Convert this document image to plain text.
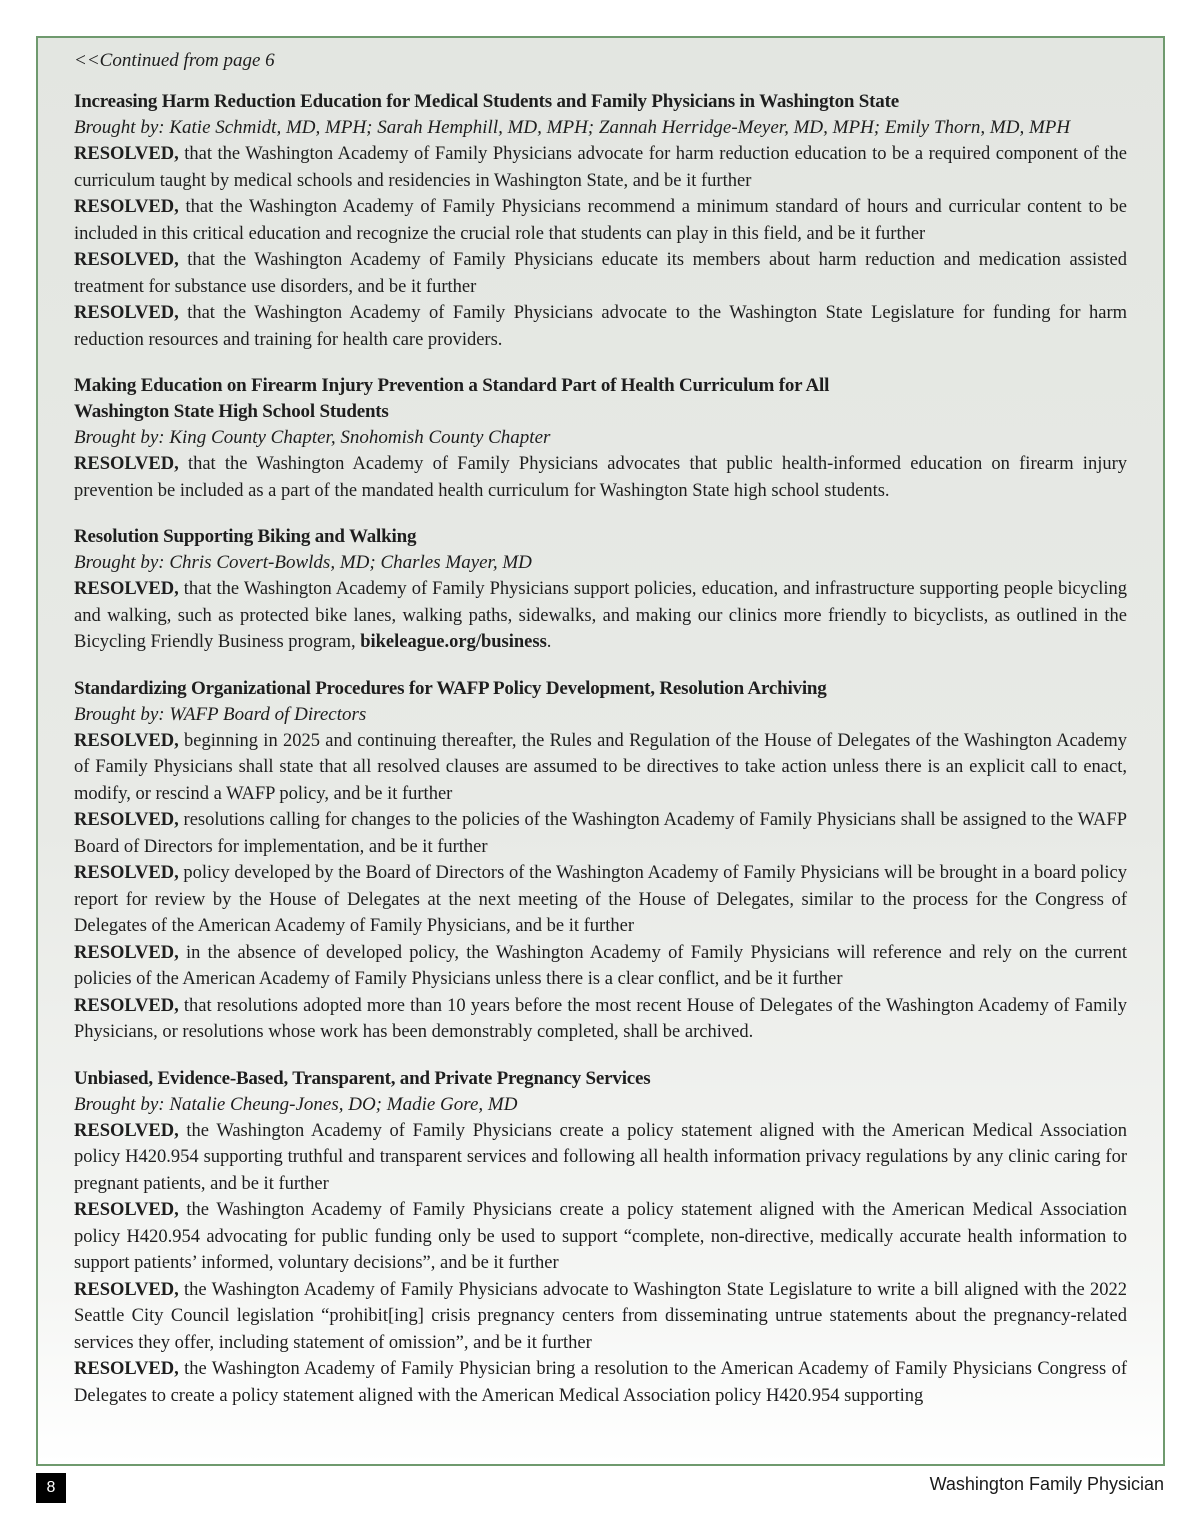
<<Continued from page 6
Increasing Harm Reduction Education for Medical Students and Family Physicians in Washington State
Brought by: Katie Schmidt, MD, MPH; Sarah Hemphill, MD, MPH; Zannah Herridge-Meyer, MD, MPH; Emily Thorn, MD, MPH

RESOLVED, that the Washington Academy of Family Physicians advocate for harm reduction education to be a required component of the curriculum taught by medical schools and residencies in Washington State, and be it further

RESOLVED, that the Washington Academy of Family Physicians recommend a minimum standard of hours and curricular content to be included in this critical education and recognize the crucial role that students can play in this field, and be it further

RESOLVED, that the Washington Academy of Family Physicians educate its members about harm reduction and medication assisted treatment for substance use disorders, and be it further

RESOLVED, that the Washington Academy of Family Physicians advocate to the Washington State Legislature for funding for harm reduction resources and training for health care providers.

Making Education on Firearm Injury Prevention a Standard Part of Health Curriculum for All
Washington State High School Students
Brought by: King County Chapter, Snohomish County Chapter

RESOLVED, that the Washington Academy of Family Physicians advocates that public health-informed education on firearm injury prevention be included as a part of the mandated health curriculum for Washington State high school students.

Resolution Supporting Biking and Walking
Brought by: Chris Covert-Bowlds, MD; Charles Mayer, MD

RESOLVED, that the Washington Academy of Family Physicians support policies, education, and infrastructure supporting people bicycling and walking, such as protected bike lanes, walking paths, sidewalks, and making our clinics more friendly to bicyclists, as outlined in the Bicycling Friendly Business program, bikeleague.org/business.

Standardizing Organizational Procedures for WAFP Policy Development, Resolution Archiving
Brought by: WAFP Board of Directors

RESOLVED, beginning in 2025 and continuing thereafter, the Rules and Regulation of the House of Delegates of the Washington Academy of Family Physicians shall state that all resolved clauses are assumed to be directives to take action unless there is an explicit call to enact, modify, or rescind a WAFP policy, and be it further

RESOLVED, resolutions calling for changes to the policies of the Washington Academy of Family Physicians shall be assigned to the WAFP Board of Directors for implementation, and be it further

RESOLVED, policy developed by the Board of Directors of the Washington Academy of Family Physicians will be brought in a board policy report for review by the House of Delegates at the next meeting of the House of Delegates, similar to the process for the Congress of Delegates of the American Academy of Family Physicians, and be it further

RESOLVED, in the absence of developed policy, the Washington Academy of Family Physicians will reference and rely on the current policies of the American Academy of Family Physicians unless there is a clear conflict, and be it further

RESOLVED, that resolutions adopted more than 10 years before the most recent House of Delegates of the Washington Academy of Family Physicians, or resolutions whose work has been demonstrably completed, shall be archived.

Unbiased, Evidence-Based, Transparent, and Private Pregnancy Services
Brought by: Natalie Cheung-Jones, DO; Madie Gore, MD

RESOLVED, the Washington Academy of Family Physicians create a policy statement aligned with the American Medical Association policy H420.954 supporting truthful and transparent services and following all health information privacy regulations by any clinic caring for pregnant patients, and be it further

RESOLVED, the Washington Academy of Family Physicians create a policy statement aligned with the American Medical Association policy H420.954 advocating for public funding only be used to support “complete, non-directive, medically accurate health information to support patients’ informed, voluntary decisions”, and be it further

RESOLVED, the Washington Academy of Family Physicians advocate to Washington State Legislature to write a bill aligned with the 2022 Seattle City Council legislation “prohibit[ing] crisis pregnancy centers from disseminating untrue statements about the pregnancy-related services they offer, including statement of omission”, and be it further

RESOLVED, the Washington Academy of Family Physician bring a resolution to the American Academy of Family Physicians Congress of Delegates to create a policy statement aligned with the American Medical Association policy H420.954 supporting

8	Washington Family Physician
